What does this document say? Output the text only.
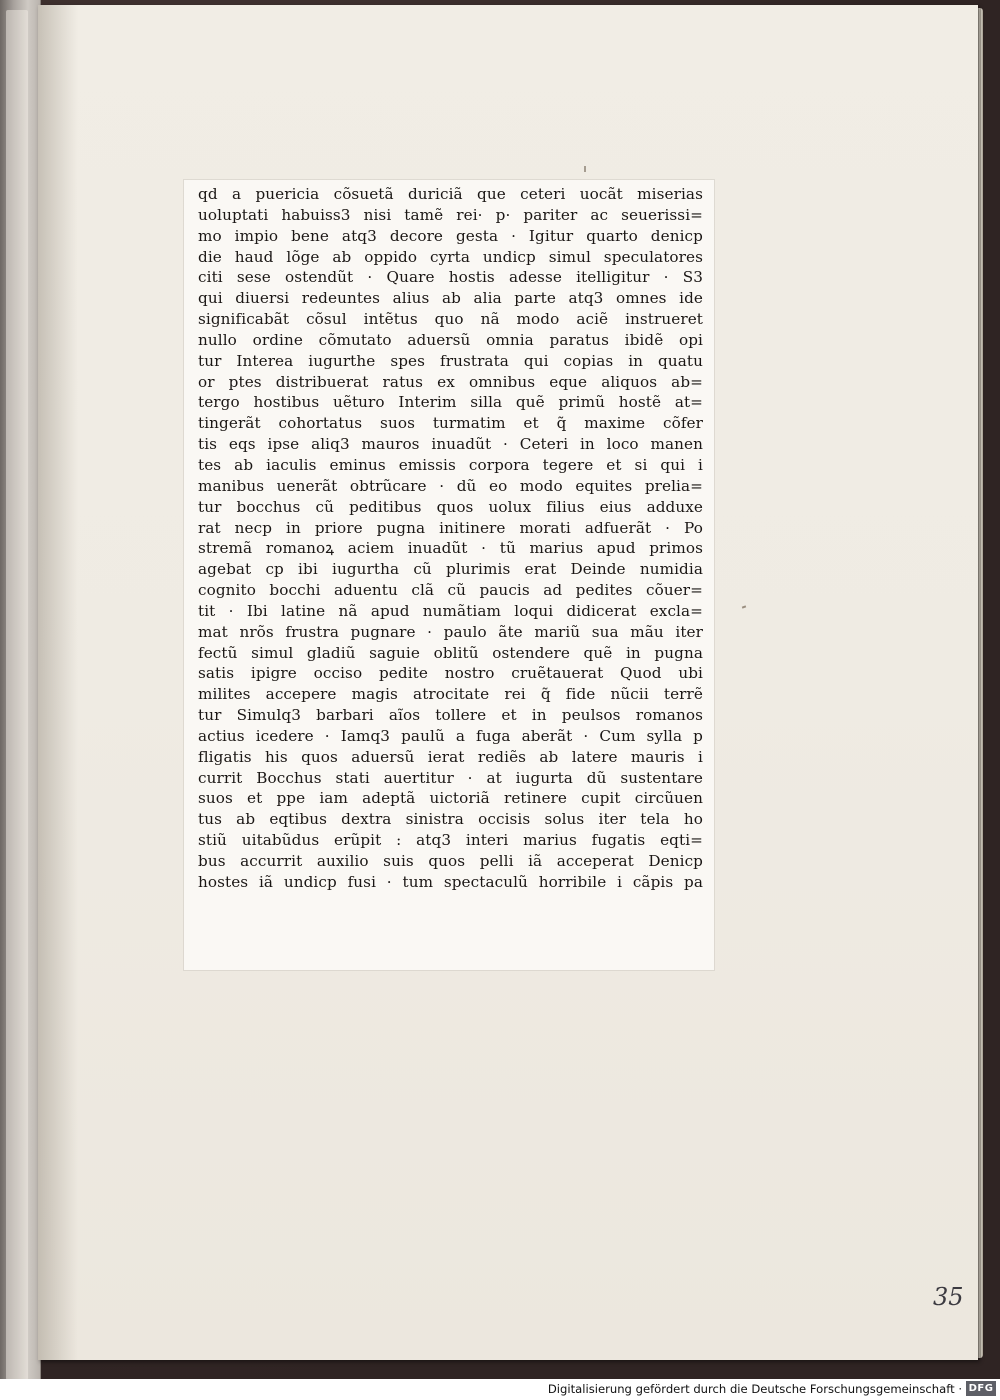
qd a puericia cõsuetã duriciã que ceteri uocãt miserias
uoluptati habuiss3 nisi tamẽ rei· p· pariter ac seuerissi=
mo impio bene atq3 decore gesta · Igitur quarto denicp
die haud lõge ab oppido cyrta undicp simul speculatores
citi sese ostendũt · Quare hostis adesse itelligitur · S3
qui diuersi redeuntes alius ab alia parte atq3 omnes ide
significabãt cõsul intẽtus quo nã modo aciẽ instrueret
nullo ordine cõmutato aduersũ omnia paratus ibidẽ opi
tur Interea iugurthe spes frustrata qui copias in quatu
or ptes distribuerat ratus ex omnibus eque aliquos ab=
tergo hostibus uẽturo Interim silla quẽ primũ hostẽ at=
tingerãt cohortatus suos turmatim et q̃ maxime cõfer
tis eqs ipse aliq3 mauros inuadũt · Ceteri in loco manen
tes ab iaculis eminus emissis corpora tegere et si qui i
manibus uenerãt obtrũcare · dũ eo modo equites prelia=
tur bocchus cũ peditibus quos uolux filius eius adduxe
rat necp in priore pugna initinere morati adfuerãt · Po
stremã romanoꝝ aciem inuadũt · tũ marius apud primos
agebat cp ibi iugurtha cũ plurimis erat Deinde numidia
cognito bocchi aduentu clã cũ paucis ad pedites cõuer=
tit · Ibi latine nã apud numãtiam loqui didicerat excla=
mat nrõs frustra pugnare · paulo ãte mariũ sua mãu iter
fectũ simul gladiũ saguie oblitũ ostendere quẽ in pugna
satis ipigre occiso pedite nostro cruẽtauerat Quod ubi
milites accepere magis atrocitate rei q̃ fide nũcii terrẽ
tur Simulq3 barbari aĩos tollere et in peulsos romanos
actius icedere · Iamq3 paulũ a fuga aberãt · Cum sylla p
fligatis his quos aduersũ ierat rediẽs ab latere mauris i
currit Bocchus stati auertitur · at iugurta dũ sustentare
suos et ppe iam adeptã uictoriã retinere cupit circũuen
tus ab eqtibus dextra sinistra occisis solus iter tela ho
stiũ uitabũdus erũpit : atq3 interi marius fugatis eqti=
bus accurrit auxilio suis quos pelli iã acceperat Denicp
hostes iã undicp fusi · tum spectaculũ horribile i cãpis pa
35
Digitalisierung gefördert durch die Deutsche Forschungsgemeinschaft · DFG
